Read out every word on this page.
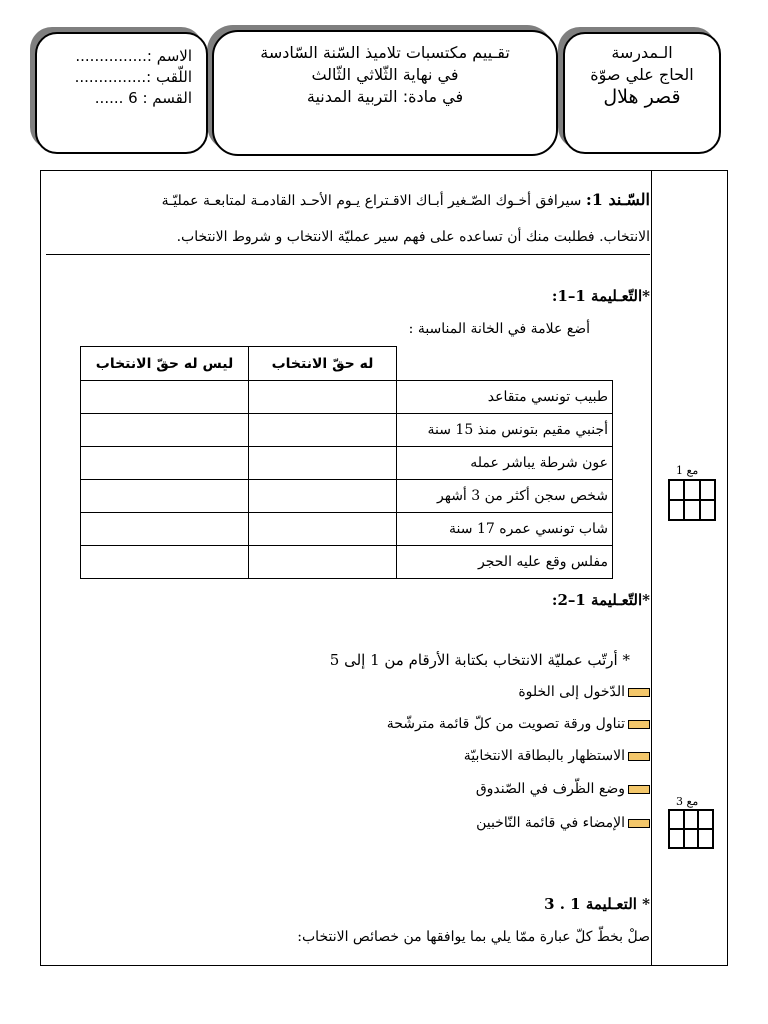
الـمدرسة
الحاج علي صوّة
قصر هلال
تقـييم مكتسبات تلاميذ السّنة السّادسة
في نهاية الثّلاثي الثّالث
في مادة: التربية المدنية
الاسم :...............
اللّقب :...............
القسم : 6 ......
السّـند 1: سيرافق أخـوك الصّـغير أبـاك الاقـتراع يـوم الأحـد القادمـة لمتابعـة عمليّـة
الانتخاب. فطلبت منك أن تساعده على فهم سير عمليّة الانتخاب و شروط الانتخاب.
*التّعـليمة 1–1:
أضع علامة في الخانة المناسبة :
	له حقّ الانتخاب	ليس له حقّ الانتخاب
طبيب تونسي متقاعد		
أجنبي مقيم بتونس منذ 15 سنة		
عون شرطة يباشر عمله		
شخص سجن أكثر من 3 أشهر		
شاب تونسي عمره 17 سنة		
مفلس وقع عليه الحجر		
*التّعـليمة 1–2:
* أرتّب عمليّة الانتخاب بكتابة الأرقام من 1 إلى 5
الدّخول إلى الخلوة
تناول ورقة تصويت من كلّ قائمة مترشّحة
الاستظهار بالبطاقة الانتخابيّة
وضع الظّرف في الصّندوق
الإمضاء في قائمة النّاخبين
* التعـليمة 1 . 3
صلْ بخطّ كلّ عبارة ممّا يلي بما يوافقها من خصائص الانتخاب:
مع 1
مع 3
